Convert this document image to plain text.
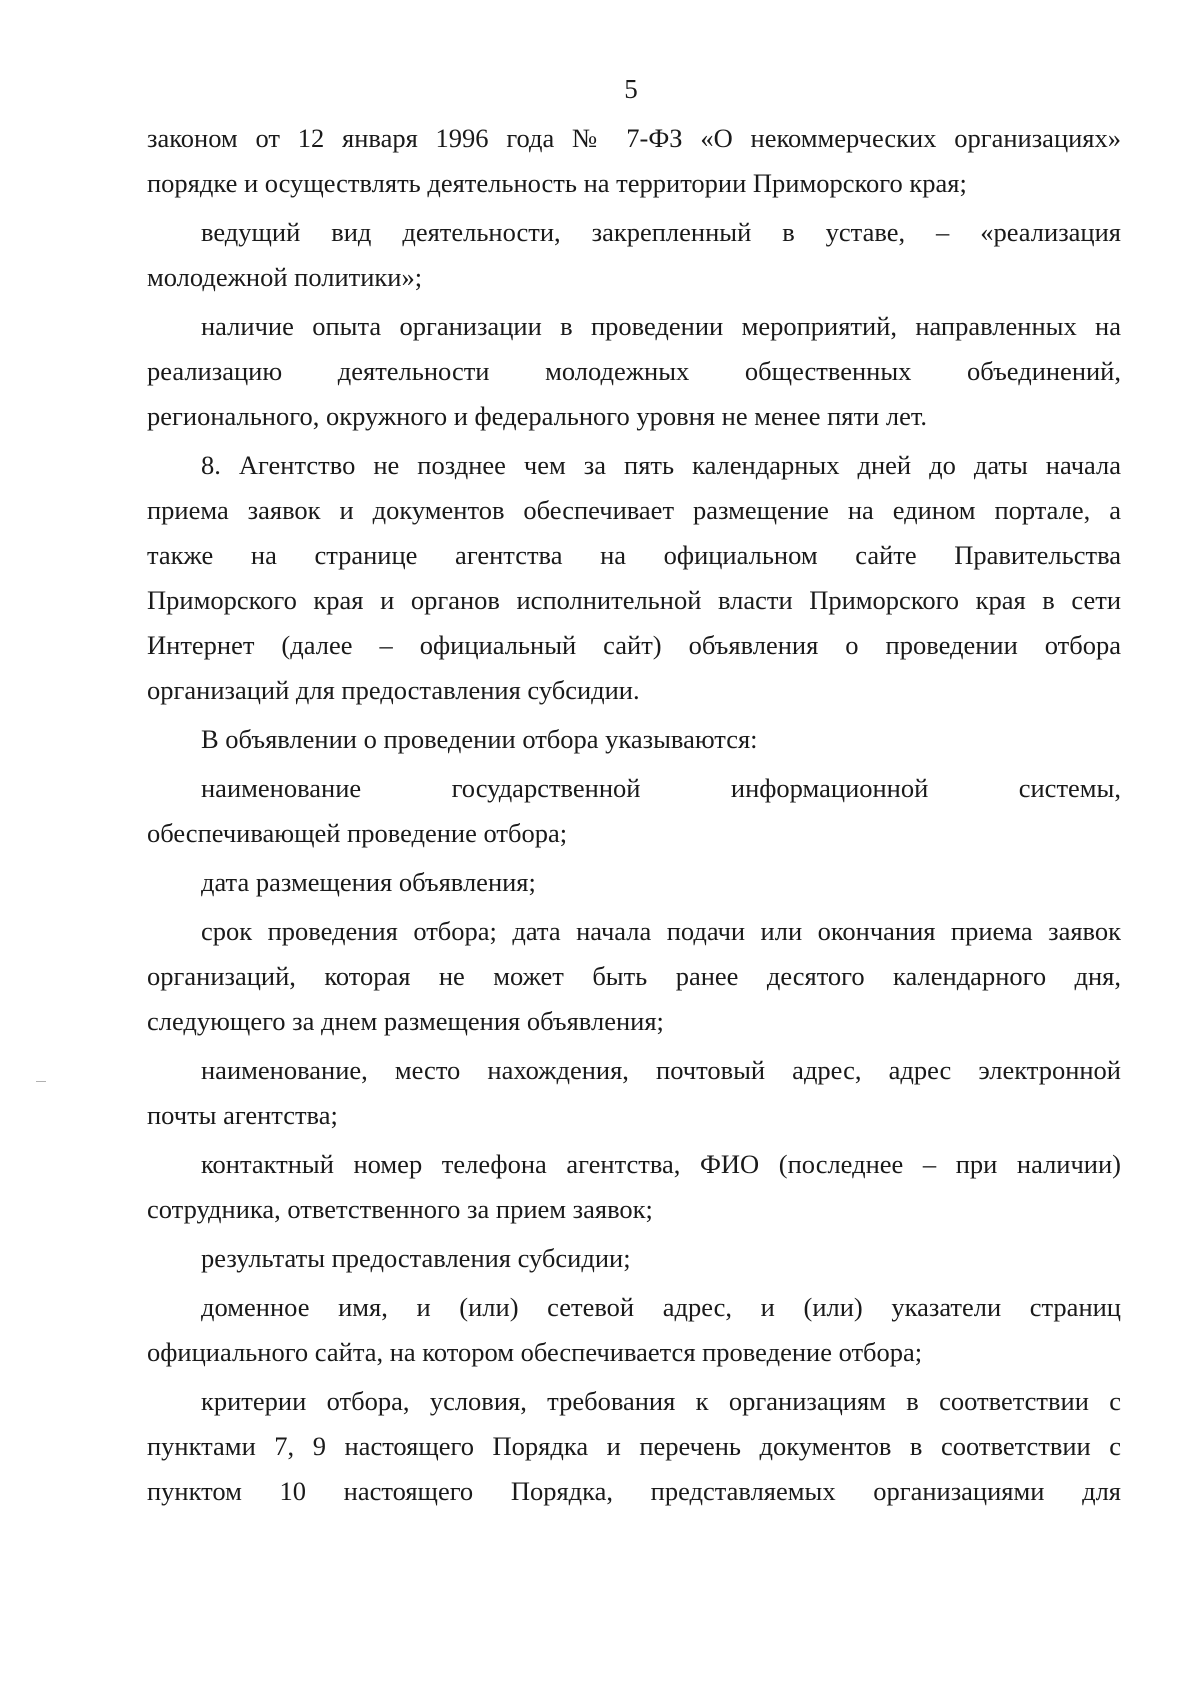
5
законом от 12 января 1996 года № 7-ФЗ «О некоммерческих организациях»
порядке и осуществлять деятельность на территории Приморского края;
ведущий вид деятельности, закрепленный в уставе, – «реализация
молодежной политики»;
наличие опыта организации в проведении мероприятий, направленных на
реализацию деятельности молодежных общественных объединений,
регионального, окружного и федерального уровня не менее пяти лет.
8. Агентство не позднее чем за пять календарных дней до даты начала
приема заявок и документов обеспечивает размещение на едином портале, а
также на странице агентства на официальном сайте Правительства
Приморского края и органов исполнительной власти Приморского края в сети
Интернет (далее – официальный сайт) объявления о проведении отбора
организаций для предоставления субсидии.
В объявлении о проведении отбора указываются:
наименование государственной информационной системы,
обеспечивающей проведение отбора;
дата размещения объявления;
срок проведения отбора; дата начала подачи или окончания приема заявок
организаций, которая не может быть ранее десятого календарного дня,
следующего за днем размещения объявления;
наименование, место нахождения, почтовый адрес, адрес электронной
почты агентства;
контактный номер телефона агентства, ФИО (последнее – при наличии)
сотрудника, ответственного за прием заявок;
результаты предоставления субсидии;
доменное имя, и (или) сетевой адрес, и (или) указатели страниц
официального сайта, на котором обеспечивается проведение отбора;
критерии отбора, условия, требования к организациям в соответствии с
пунктами 7, 9 настоящего Порядка и перечень документов в соответствии с
пунктом 10 настоящего Порядка, представляемых организациями для
